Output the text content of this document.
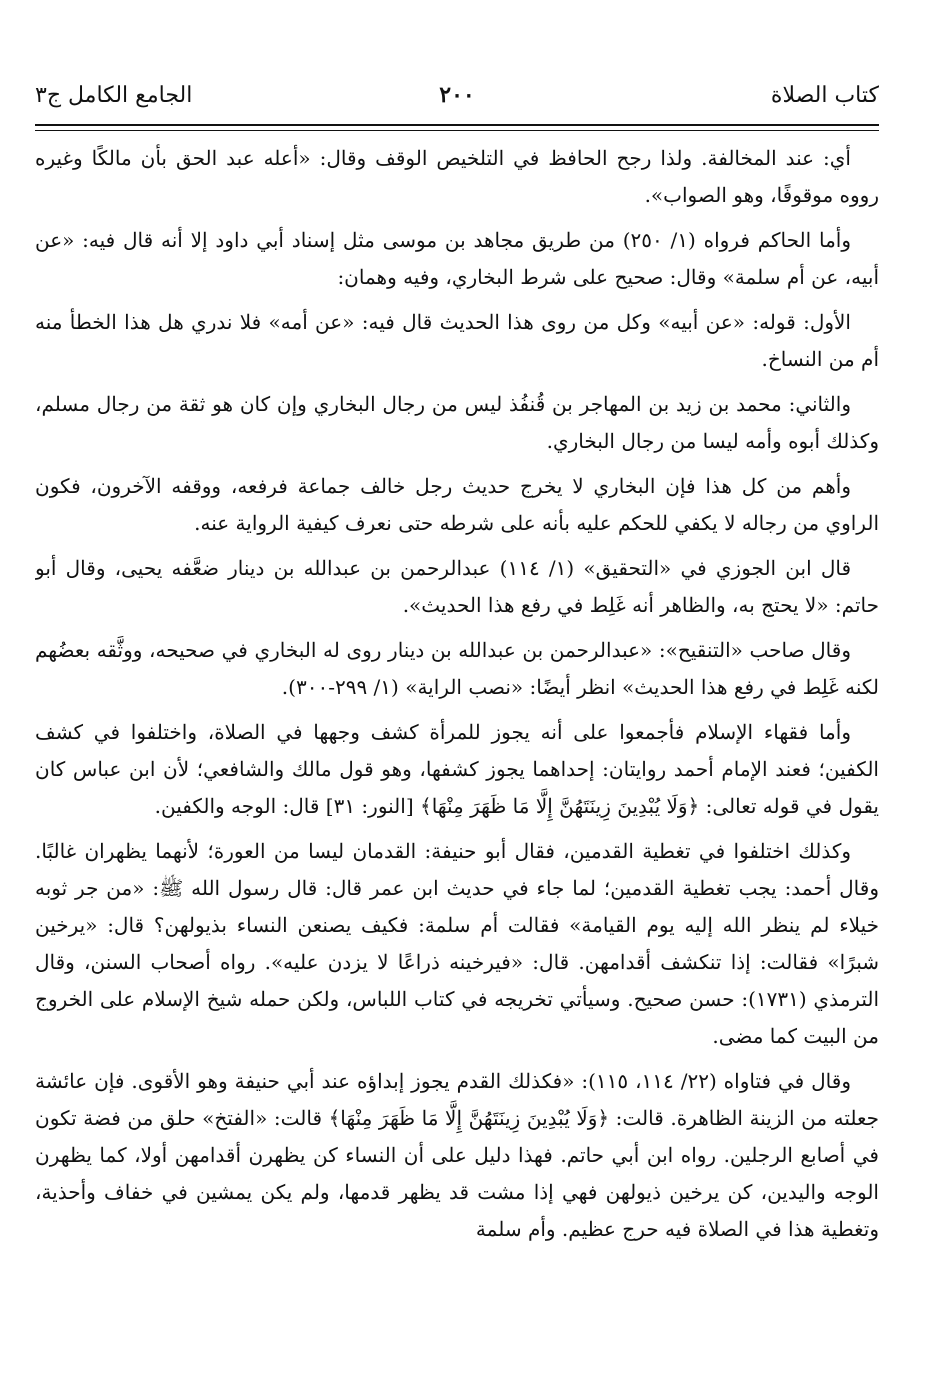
كتاب الصلاة
٢٠٠
الجامع الكامل ج٣

أي: عند المخالفة. ولذا رجح الحافظ في التلخيص الوقف وقال: «أعله عبد الحق بأن مالكًا وغيره رووه موقوفًا، وهو الصواب».

وأما الحاكم فرواه (١/ ٢٥٠) من طريق مجاهد بن موسى مثل إسناد أبي داود إلا أنه قال فيه: «عن أبيه، عن أم سلمة» وقال: صحيح على شرط البخاري، وفيه وهمان:

الأول: قوله: «عن أبيه» وكل من روى هذا الحديث قال فيه: «عن أمه» فلا ندري هل هذا الخطأ منه أم من النساخ.

والثاني: محمد بن زيد بن المهاجر بن قُنفُذ ليس من رجال البخاري وإن كان هو ثقة من رجال مسلم، وكذلك أبوه وأمه ليسا من رجال البخاري.

وأهم من كل هذا فإن البخاري لا يخرج حديث رجل خالف جماعة فرفعه، ووقفه الآخرون، فكون الراوي من رجاله لا يكفي للحكم عليه بأنه على شرطه حتى نعرف كيفية الرواية عنه.

قال ابن الجوزي في «التحقيق» (١/ ١١٤) عبدالرحمن بن عبدالله بن دينار ضعَّفه يحيى، وقال أبو حاتم: «لا يحتج به، والظاهر أنه غَلِط في رفع هذا الحديث».

وقال صاحب «التنقيح»: «عبدالرحمن بن عبدالله بن دينار روى له البخاري في صحيحه، ووثَّقه بعضُهم لكنه غَلِط في رفع هذا الحديث» انظر أيضًا: «نصب الراية» (١/ ٢٩٩-٣٠٠).

وأما فقهاء الإسلام فأجمعوا على أنه يجوز للمرأة كشف وجهها في الصلاة، واختلفوا في كشف الكفين؛ فعند الإمام أحمد روايتان: إحداهما يجوز كشفها، وهو قول مالك والشافعي؛ لأن ابن عباس كان يقول في قوله تعالى: ﴿وَلَا يُبْدِينَ زِينَتَهُنَّ إِلَّا مَا ظَهَرَ مِنْهَا﴾ [النور: ٣١] قال: الوجه والكفين.

وكذلك اختلفوا في تغطية القدمين، فقال أبو حنيفة: القدمان ليسا من العورة؛ لأنهما يظهران غالبًا. وقال أحمد: يجب تغطية القدمين؛ لما جاء في حديث ابن عمر قال: قال رسول الله ﷺ: «من جر ثوبه خيلاء لم ينظر الله إليه يوم القيامة» فقالت أم سلمة: فكيف يصنعن النساء بذيولهن؟ قال: «يرخين شبرًا» فقالت: إذا تنكشف أقدامهن. قال: «فيرخينه ذراعًا لا يزدن عليه». رواه أصحاب السنن، وقال الترمذي (١٧٣١): حسن صحيح. وسيأتي تخريجه في كتاب اللباس، ولكن حمله شيخ الإسلام على الخروج من البيت كما مضى.

وقال في فتاواه (٢٢/ ١١٤، ١١٥): «فكذلك القدم يجوز إبداؤه عند أبي حنيفة وهو الأقوى. فإن عائشة جعلته من الزينة الظاهرة. قالت: ﴿وَلَا يُبْدِينَ زِينَتَهُنَّ إِلَّا مَا ظَهَرَ مِنْهَا﴾ قالت: «الفتخ» حلق من فضة تكون في أصابع الرجلين. رواه ابن أبي حاتم. فهذا دليل على أن النساء كن يظهرن أقدامهن أولا، كما يظهرن الوجه واليدين، كن يرخين ذيولهن فهي إذا مشت قد يظهر قدمها، ولم يكن يمشين في خفاف وأحذية، وتغطية هذا في الصلاة فيه حرج عظيم. وأم سلمة
